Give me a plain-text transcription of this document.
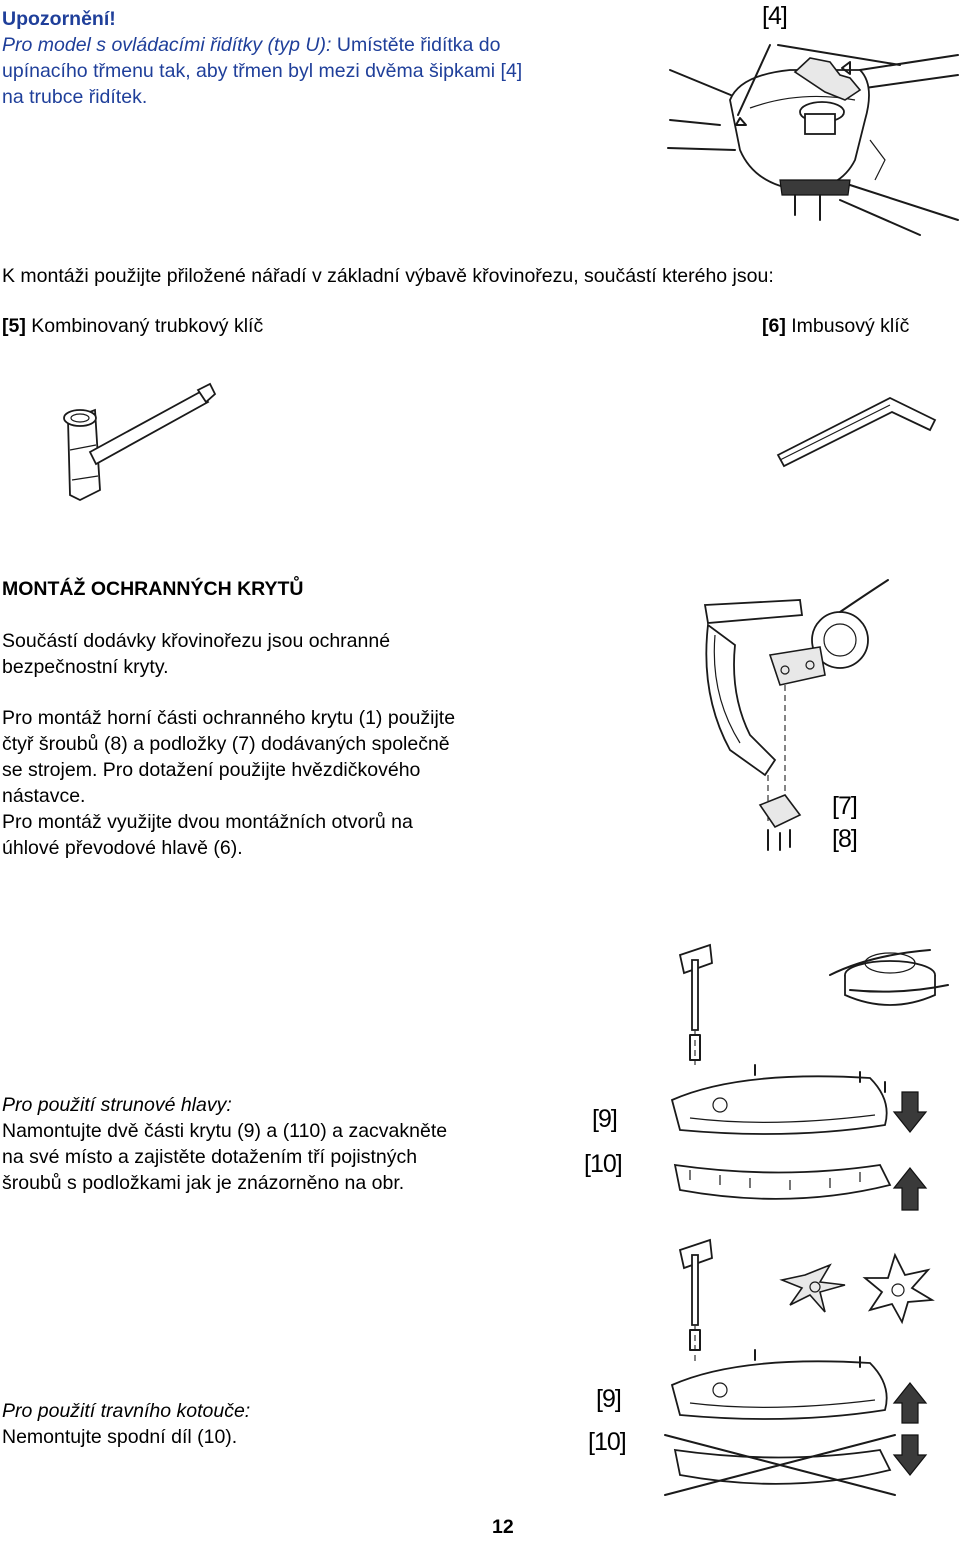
Upozornění!
Pro model s ovládacími řidítky (typ U): Umístěte řidítka do
upínacího třmenu tak, aby třmen byl mezi dvěma šipkami [4]
na trubce řidítek.
[4]
K montáži použijte přiložené nářadí v základní výbavě křovinořezu, součástí kterého jsou:
[5] Kombinovaný trubkový klíč	[6] Imbusový klíč
MONTÁŽ OCHRANNÝCH KRYTŮ
Součástí dodávky křovinořezu jsou ochranné
bezpečnostní kryty.
Pro montáž horní části ochranného krytu (1) použijte
čtyř šroubů (8) a podložky (7) dodávaných společně
se strojem. Pro dotažení použijte hvězdičkového
nástavce.
Pro montáž využijte dvou montážních otvorů na
úhlové převodové hlavě (6).
[7]
[8]
Pro použití strunové hlavy:
Namontujte dvě části krytu (9) a (110) a zacvakněte
na své místo a zajistěte dotažením tří pojistných
šroubů s podložkami jak je znázorněno na obr.
[9]
[10]
Pro použití travního kotouče:
Nemontujte spodní díl (10).
[9]
[10]
12
